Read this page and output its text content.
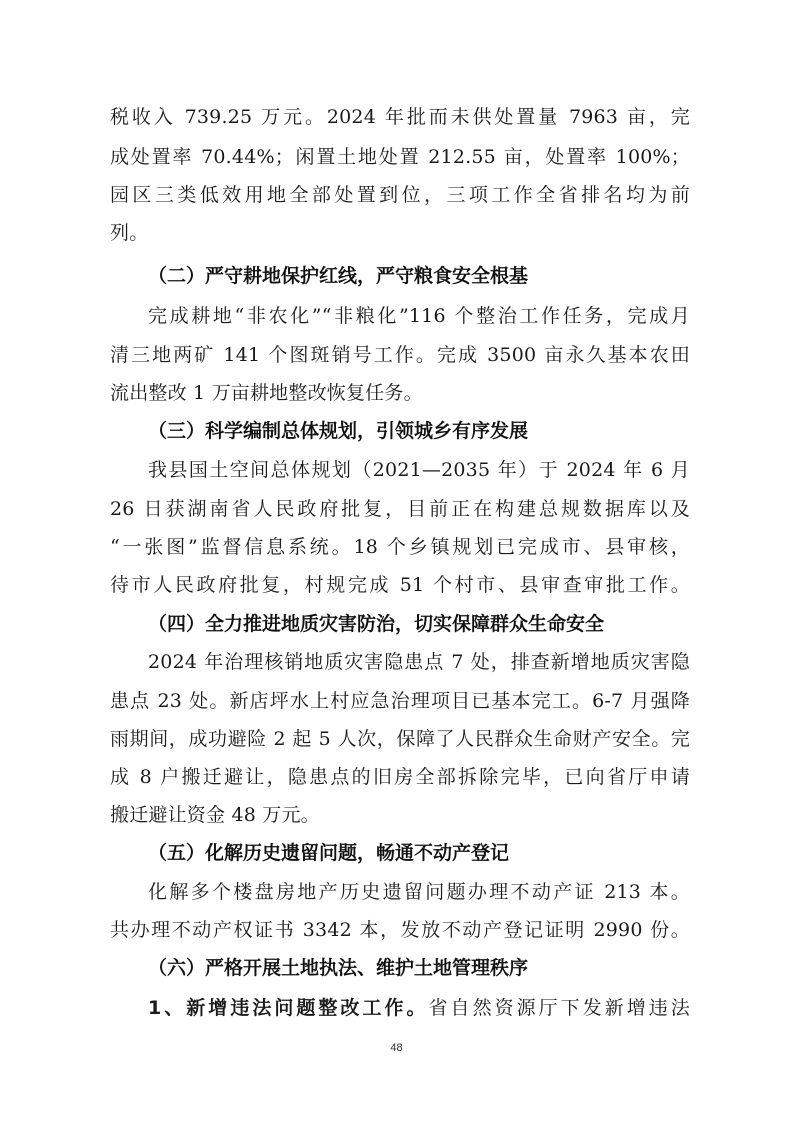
税收入 739.25 万元。2024 年批而未供处置量 7963 亩，完
成处置率 70.44%；闲置土地处置 212.55 亩，处置率 100%；
园区三类低效用地全部处置到位，三项工作全省排名均为前
列。
（二）严守耕地保护红线，严守粮食安全根基
完成耕地“非农化”“非粮化”116 个整治工作任务，完成月
清三地两矿 141 个图斑销号工作。完成 3500 亩永久基本农田
流出整改 1 万亩耕地整改恢复任务。
（三）科学编制总体规划，引领城乡有序发展
我县国土空间总体规划（2021—2035 年）于 2024 年 6 月
26 日获湖南省人民政府批复，目前正在构建总规数据库以及
“一张图”监督信息系统。18 个乡镇规划已完成市、县审核，
待市人民政府批复，村规完成 51 个村市、县审查审批工作。
（四）全力推进地质灾害防治，切实保障群众生命安全
2024 年治理核销地质灾害隐患点 7 处，排查新增地质灾害隐
患点 23 处。新店坪水上村应急治理项目已基本完工。6-7 月强降
雨期间，成功避险 2 起 5 人次，保障了人民群众生命财产安全。完
成 8 户搬迁避让，隐患点的旧房全部拆除完毕，已向省厅申请
搬迁避让资金 48 万元。
（五）化解历史遗留问题，畅通不动产登记
化解多个楼盘房地产历史遗留问题办理不动产证 213 本。
共办理不动产权证书 3342 本，发放不动产登记证明 2990 份。
（六）严格开展土地执法、维护土地管理秩序
1、新增违法问题整改工作。省自然资源厅下发新增违法
48
